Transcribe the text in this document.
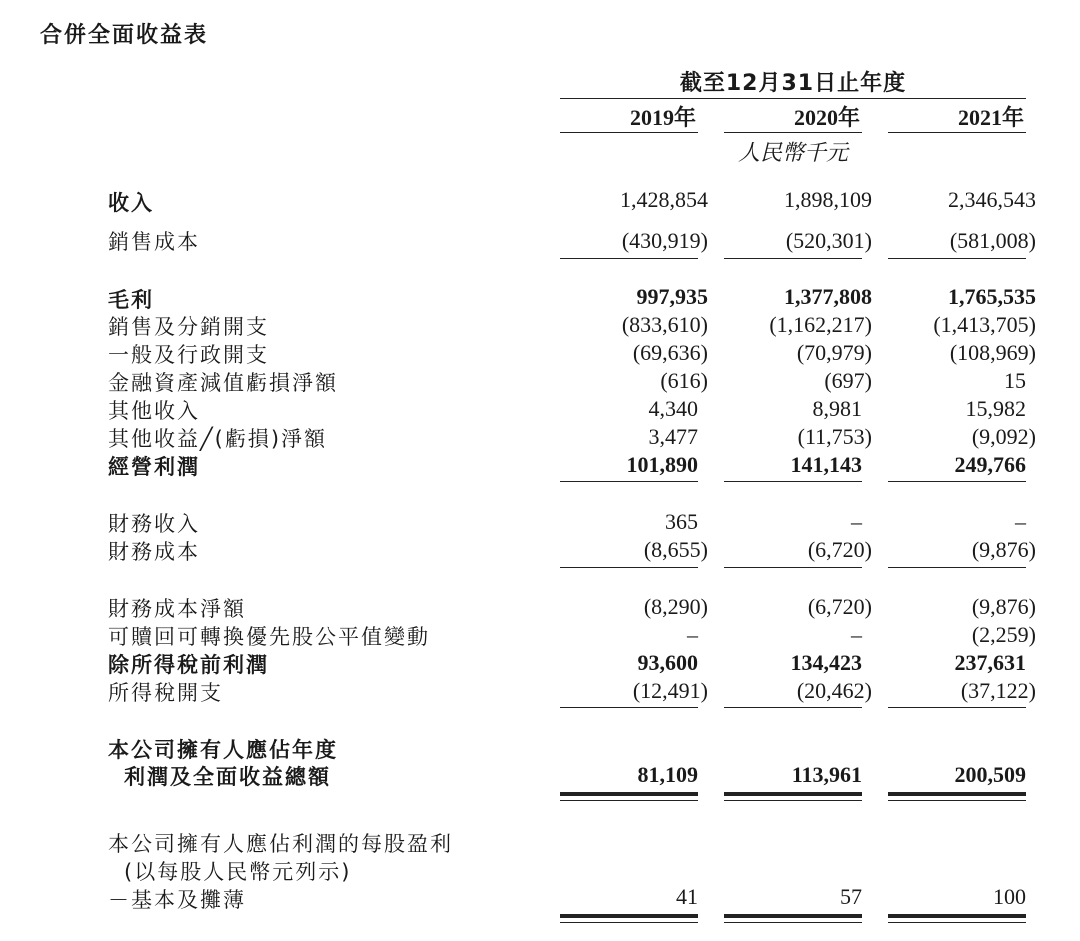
合併全面收益表
截至12月31日止年度
2019年	2020年	2021年
人民幣千元
收入	1,428,854	1,898,109	2,346,543
銷售成本	(430,919)	(520,301)	(581,008)
毛利	997,935	1,377,808	1,765,535
銷售及分銷開支	(833,610)	(1,162,217)	(1,413,705)
一般及行政開支	(69,636)	(70,979)	(108,969)
金融資產減值虧損淨額	(616)	(697)	15
其他收入	4,340	8,981	15,982
其他收益╱(虧損)淨額	3,477	(11,753)	(9,092)
經營利潤	101,890	141,143	249,766
財務收入	365	–	–
財務成本	(8,655)	(6,720)	(9,876)
財務成本淨額	(8,290)	(6,720)	(9,876)
可贖回可轉換優先股公平值變動	–	–	(2,259)
除所得稅前利潤	93,600	134,423	237,631
所得稅開支	(12,491)	(20,462)	(37,122)
本公司擁有人應佔年度
利潤及全面收益總額	81,109	113,961	200,509
本公司擁有人應佔利潤的每股盈利
(以每股人民幣元列示)
－基本及攤薄	41	57	100
